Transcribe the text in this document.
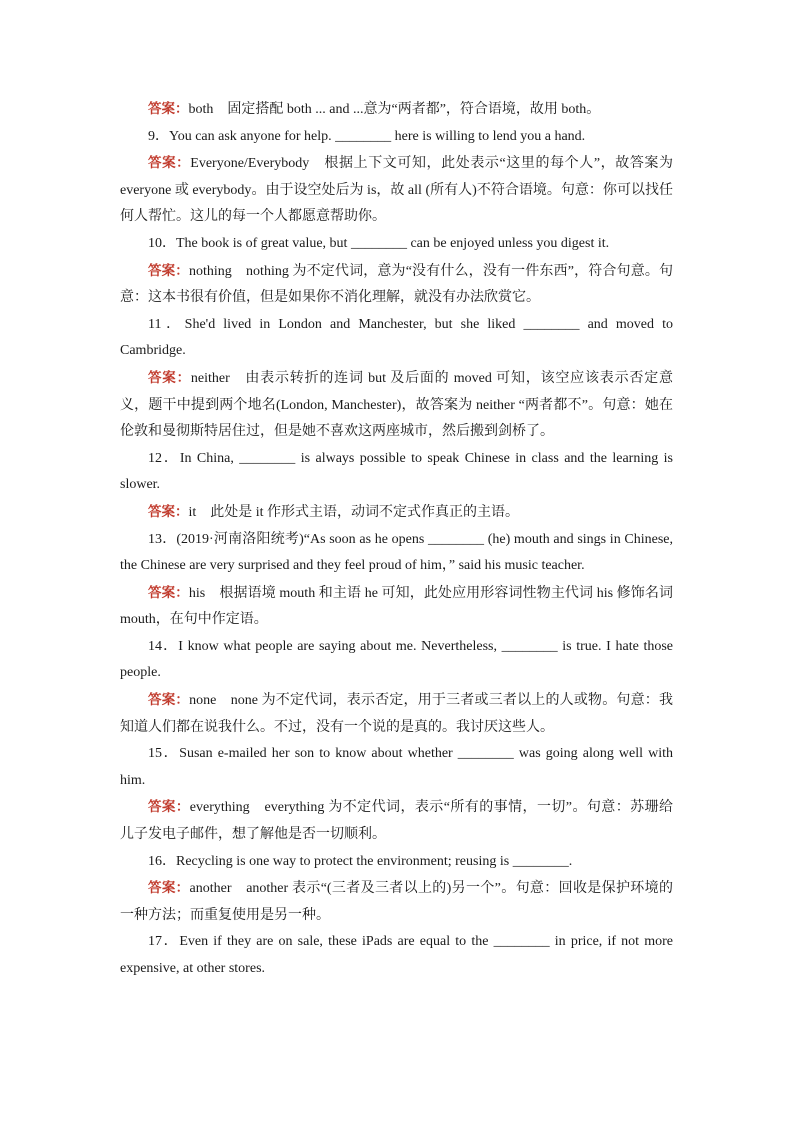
答案：both　固定搭配 both ... and ...意为“两者都”，符合语境，故用 both。

9．You can ask anyone for help. ________ here is willing to lend you a hand.

答案：Everyone/Everybody　根据上下文可知，此处表示“这里的每个人”，故答案为 everyone 或 everybody。由于设空处后为 is，故 all (所有人)不符合语境。句意：你可以找任何人帮忙。这儿的每一个人都愿意帮助你。

10．The book is of great value, but ________ can be enjoyed unless you digest it.

答案：nothing　nothing 为不定代词，意为“没有什么，没有一件东西”，符合句意。句意：这本书很有价值，但是如果你不消化理解，就没有办法欣赏它。

11．She'd lived in London and Manchester, but she liked ________ and moved to Cambridge.

答案：neither　由表示转折的连词 but 及后面的 moved 可知，该空应该表示否定意义，题干中提到两个地名(London, Manchester)，故答案为 neither “两者都不”。句意：她在伦敦和曼彻斯特居住过，但是她不喜欢这两座城市，然后搬到剑桥了。

12．In China, ________ is always possible to speak Chinese in class and the learning is slower.

答案：it　此处是 it 作形式主语，动词不定式作真正的主语。

13．(2019·河南洛阳统考)“As soon as he opens ________ (he) mouth and sings in Chinese, the Chinese are very surprised and they feel proud of him，” said his music teacher.

答案：his　根据语境 mouth 和主语 he 可知，此处应用形容词性物主代词 his 修饰名词 mouth，在句中作定语。

14．I know what people are saying about me. Nevertheless, ________ is true. I hate those people.

答案：none　none 为不定代词，表示否定，用于三者或三者以上的人或物。句意：我知道人们都在说我什么。不过，没有一个说的是真的。我讨厌这些人。

15．Susan e-mailed her son to know about whether ________ was going along well with him.

答案：everything　everything 为不定代词，表示“所有的事情，一切”。句意：苏珊给儿子发电子邮件，想了解他是否一切顺利。

16．Recycling is one way to protect the environment; reusing is ________.

答案：another　another 表示“(三者及三者以上的)另一个”。句意：回收是保护环境的一种方法；而重复使用是另一种。

17．Even if they are on sale, these iPads are equal to the ________ in price, if not more expensive, at other stores.
